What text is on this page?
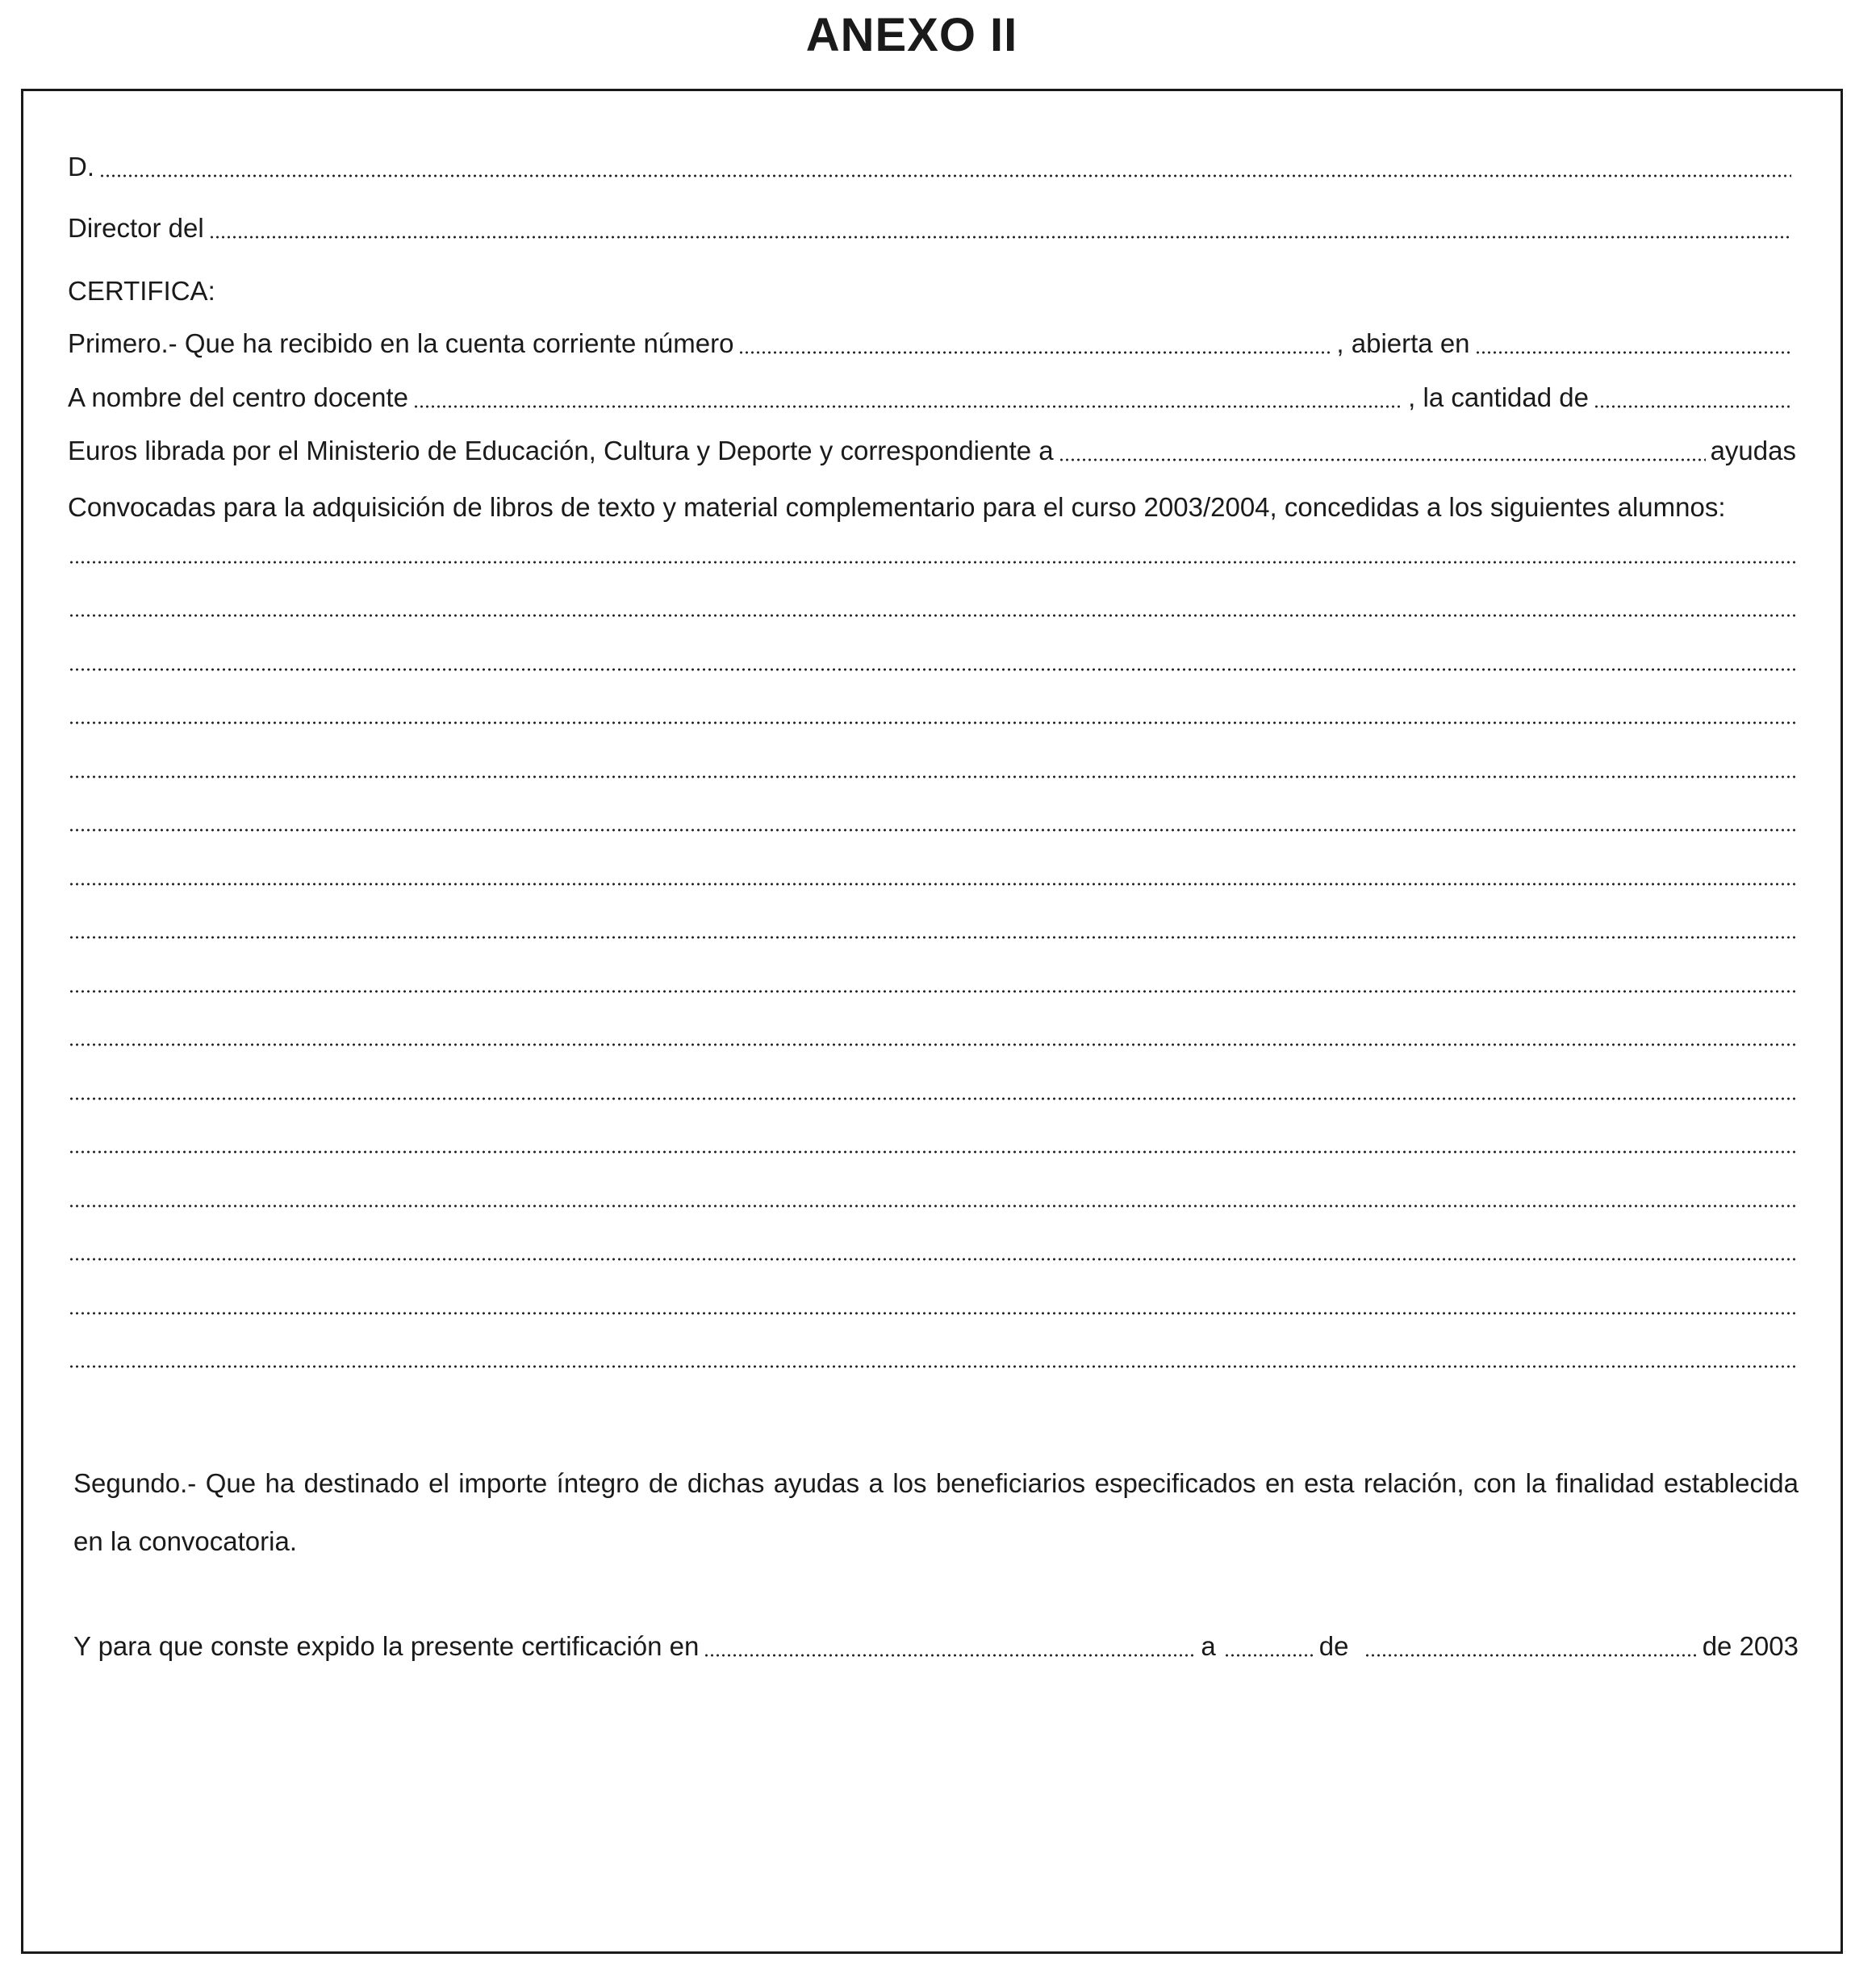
ANEXO II
D.
Director del
CERTIFICA:
Primero.- Que ha recibido en la cuenta corriente número	, abierta en
A nombre del centro docente	, la cantidad de
Euros librada por el Ministerio de Educación, Cultura y Deporte y correspondiente a	ayudas
Convocadas para la adquisición de libros de texto y material complementario para el curso 2003/2004, concedidas a los siguientes alumnos:
Segundo.- Que ha destinado el importe íntegro de dichas ayudas a los beneficiarios especificados en esta relación, con la finalidad establecida en la convocatoria.
Y para que conste expido la presente certificación en	a	de	de 2003
